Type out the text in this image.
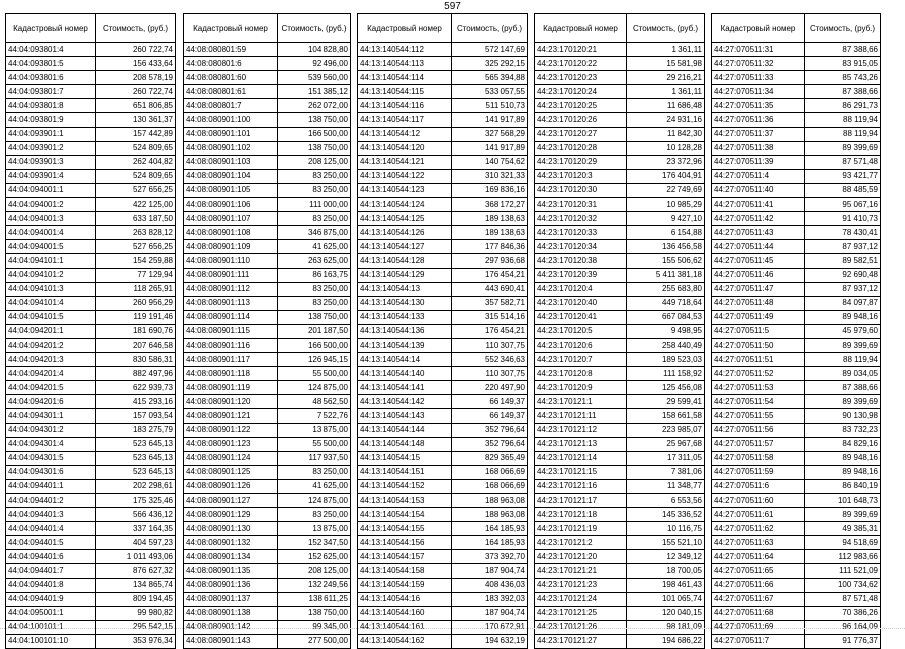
597
Кадастровый номер	Стоимость, (руб.)
44:04:093801:4	260 722,74
44:04:093801:5	156 433,64
44:04:093801:6	208 578,19
44:04:093801:7	260 722,74
44:04:093801:8	651 806,85
44:04:093801:9	130 361,37
44:04:093901:1	157 442,89
44:04:093901:2	524 809,65
44:04:093901:3	262 404,82
44:04:093901:4	524 809,65
44:04:094001:1	527 656,25
44:04:094001:2	422 125,00
44:04:094001:3	633 187,50
44:04:094001:4	263 828,12
44:04:094001:5	527 656,25
44:04:094101:1	154 259,88
44:04:094101:2	77 129,94
44:04:094101:3	118 265,91
44:04:094101:4	260 956,29
44:04:094101:5	119 191,46
44:04:094201:1	181 690,76
44:04:094201:2	207 646,58
44:04:094201:3	830 586,31
44:04:094201:4	882 497,96
44:04:094201:5	622 939,73
44:04:094201:6	415 293,16
44:04:094301:1	157 093,54
44:04:094301:2	183 275,79
44:04:094301:4	523 645,13
44:04:094301:5	523 645,13
44:04:094301:6	523 645,13
44:04:094401:1	202 298,61
44:04:094401:2	175 325,46
44:04:094401:3	566 436,12
44:04:094401:4	337 164,35
44:04:094401:5	404 597,23
44:04:094401:6	1 011 493,06
44:04:094401:7	876 627,32
44:04:094401:8	134 865,74
44:04:094401:9	809 194,45
44:04:095001:1	99 980,82
44:04:100101:1	295 542,15
44:04:100101:10	353 976,34
Кадастровый номер	Стоимость, (руб.)
44:08:080801:59	104 828,80
44:08:080801:6	92 496,00
44:08:080801:60	539 560,00
44:08:080801:61	151 385,12
44:08:080801:7	262 072,00
44:08:080901:100	138 750,00
44:08:080901:101	166 500,00
44:08:080901:102	138 750,00
44:08:080901:103	208 125,00
44:08:080901:104	83 250,00
44:08:080901:105	83 250,00
44:08:080901:106	111 000,00
44:08:080901:107	83 250,00
44:08:080901:108	346 875,00
44:08:080901:109	41 625,00
44:08:080901:110	263 625,00
44:08:080901:111	86 163,75
44:08:080901:112	83 250,00
44:08:080901:113	83 250,00
44:08:080901:114	138 750,00
44:08:080901:115	201 187,50
44:08:080901:116	166 500,00
44:08:080901:117	126 945,15
44:08:080901:118	55 500,00
44:08:080901:119	124 875,00
44:08:080901:120	48 562,50
44:08:080901:121	7 522,76
44:08:080901:122	13 875,00
44:08:080901:123	55 500,00
44:08:080901:124	117 937,50
44:08:080901:125	83 250,00
44:08:080901:126	41 625,00
44:08:080901:127	124 875,00
44:08:080901:129	83 250,00
44:08:080901:130	13 875,00
44:08:080901:132	152 347,50
44:08:080901:134	152 625,00
44:08:080901:135	208 125,00
44:08:080901:136	132 249,56
44:08:080901:137	138 611,25
44:08:080901:138	138 750,00
44:08:080901:142	99 345,00
44:08:080901:143	277 500,00
Кадастровый номер	Стоимость, (руб.)
44:13:140544:112	572 147,69
44:13:140544:113	325 292,15
44:13:140544:114	565 394,88
44:13:140544:115	533 057,55
44:13:140544:116	511 510,73
44:13:140544:117	141 917,89
44:13:140544:12	327 568,29
44:13:140544:120	141 917,89
44:13:140544:121	140 754,62
44:13:140544:122	310 321,33
44:13:140544:123	169 836,16
44:13:140544:124	368 172,27
44:13:140544:125	189 138,63
44:13:140544:126	189 138,63
44:13:140544:127	177 846,36
44:13:140544:128	297 936,68
44:13:140544:129	176 454,21
44:13:140544:13	443 690,41
44:13:140544:130	357 582,71
44:13:140544:133	315 514,16
44:13:140544:136	176 454,21
44:13:140544:139	110 307,75
44:13:140544:14	552 346,63
44:13:140544:140	110 307,75
44:13:140544:141	220 497,90
44:13:140544:142	66 149,37
44:13:140544:143	66 149,37
44:13:140544:144	352 796,64
44:13:140544:148	352 796,64
44:13:140544:15	829 365,49
44:13:140544:151	168 066,69
44:13:140544:152	168 066,69
44:13:140544:153	188 963,08
44:13:140544:154	188 963,08
44:13:140544:155	164 185,93
44:13:140544:156	164 185,93
44:13:140544:157	373 392,70
44:13:140544:158	187 904,74
44:13:140544:159	408 436,03
44:13:140544:16	183 392,03
44:13:140544:160	187 904,74
44:13:140544:161	170 672,91
44:13:140544:162	194 632,19
Кадастровый номер	Стоимость, (руб.)
44:23:170120:21	1 361,11
44:23:170120:22	15 581,98
44:23:170120:23	29 216,21
44:23:170120:24	1 361,11
44:23:170120:25	11 686,48
44:23:170120:26	24 931,16
44:23:170120:27	11 842,30
44:23:170120:28	10 128,28
44:23:170120:29	23 372,96
44:23:170120:3	176 404,91
44:23:170120:30	22 749,69
44:23:170120:31	10 985,29
44:23:170120:32	9 427,10
44:23:170120:33	6 154,88
44:23:170120:34	136 456,58
44:23:170120:38	155 506,62
44:23:170120:39	5 411 381,18
44:23:170120:4	255 683,80
44:23:170120:40	449 718,64
44:23:170120:41	667 084,53
44:23:170120:5	9 498,95
44:23:170120:6	258 440,49
44:23:170120:7	189 523,03
44:23:170120:8	111 158,92
44:23:170120:9	125 456,08
44:23:170121:1	29 599,41
44:23:170121:11	158 661,58
44:23:170121:12	223 985,07
44:23:170121:13	25 967,68
44:23:170121:14	17 311,05
44:23:170121:15	7 381,06
44:23:170121:16	11 348,77
44:23:170121:17	6 553,56
44:23:170121:18	145 336,52
44:23:170121:19	10 116,75
44:23:170121:2	155 521,10
44:23:170121:20	12 349,12
44:23:170121:21	18 700,05
44:23:170121:23	198 461,43
44:23:170121:24	101 065,74
44:23:170121:25	120 040,15
44:23:170121:26	98 181,09
44:23:170121:27	194 686,22
Кадастровый номер	Стоимость, (руб.)
44:27:070511:31	87 388,66
44:27:070511:32	83 915,05
44:27:070511:33	85 743,26
44:27:070511:34	87 388,66
44:27:070511:35	86 291,73
44:27:070511:36	88 119,94
44:27:070511:37	88 119,94
44:27:070511:38	89 399,69
44:27:070511:39	87 571,48
44:27:070511:4	93 421,77
44:27:070511:40	88 485,59
44:27:070511:41	95 067,16
44:27:070511:42	91 410,73
44:27:070511:43	78 430,41
44:27:070511:44	87 937,12
44:27:070511:45	89 582,51
44:27:070511:46	92 690,48
44:27:070511:47	87 937,12
44:27:070511:48	84 097,87
44:27:070511:49	89 948,16
44:27:070511:5	45 979,60
44:27:070511:50	89 399,69
44:27:070511:51	88 119,94
44:27:070511:52	89 034,05
44:27:070511:53	87 388,66
44:27:070511:54	89 399,69
44:27:070511:55	90 130,98
44:27:070511:56	83 732,23
44:27:070511:57	84 829,16
44:27:070511:58	89 948,16
44:27:070511:59	89 948,16
44:27:070511:6	86 840,19
44:27:070511:60	101 648,73
44:27:070511:61	89 399,69
44:27:070511:62	49 385,31
44:27:070511:63	94 518,69
44:27:070511:64	112 983,66
44:27:070511:65	111 521,09
44:27:070511:66	100 734,62
44:27:070511:67	87 571,48
44:27:070511:68	70 386,26
44:27:070511:69	96 164,09
44:27:070511:7	91 776,37
